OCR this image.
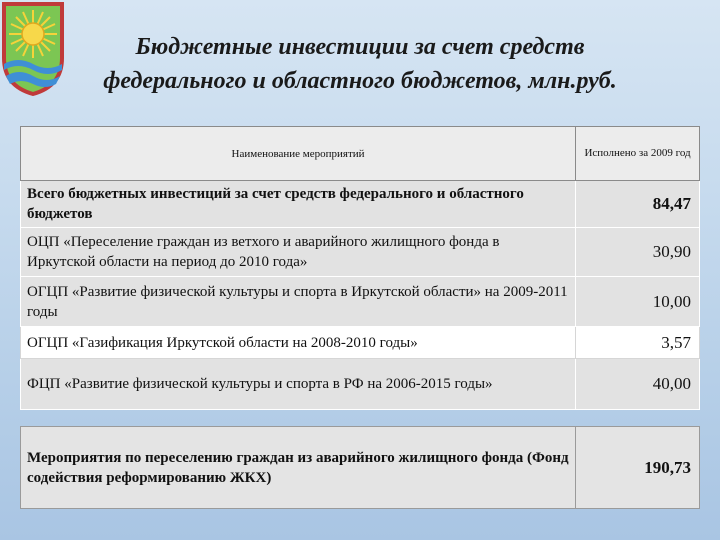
Бюджетные инвестиции за счет средств
федерального и областного бюджетов, млн.руб.
Наименование мероприятий	Исполнено за 2009 год
Всего бюджетных инвестиций за счет средств федерального и областного бюджетов	84,47
ОЦП «Переселение граждан из ветхого и аварийного жилищного фонда в Иркутской области на период до 2010 года»	30,90
ОГЦП «Развитие физической культуры и спорта в Иркутской области» на 2009-2011 годы	10,00
ОГЦП «Газификация Иркутской области на 2008-2010 годы»	3,57
ФЦП «Развитие физической культуры и спорта в РФ на 2006-2015 годы»	40,00
Мероприятия по переселению граждан из аварийного жилищного фонда (Фонд содействия реформированию ЖКХ)	190,73
